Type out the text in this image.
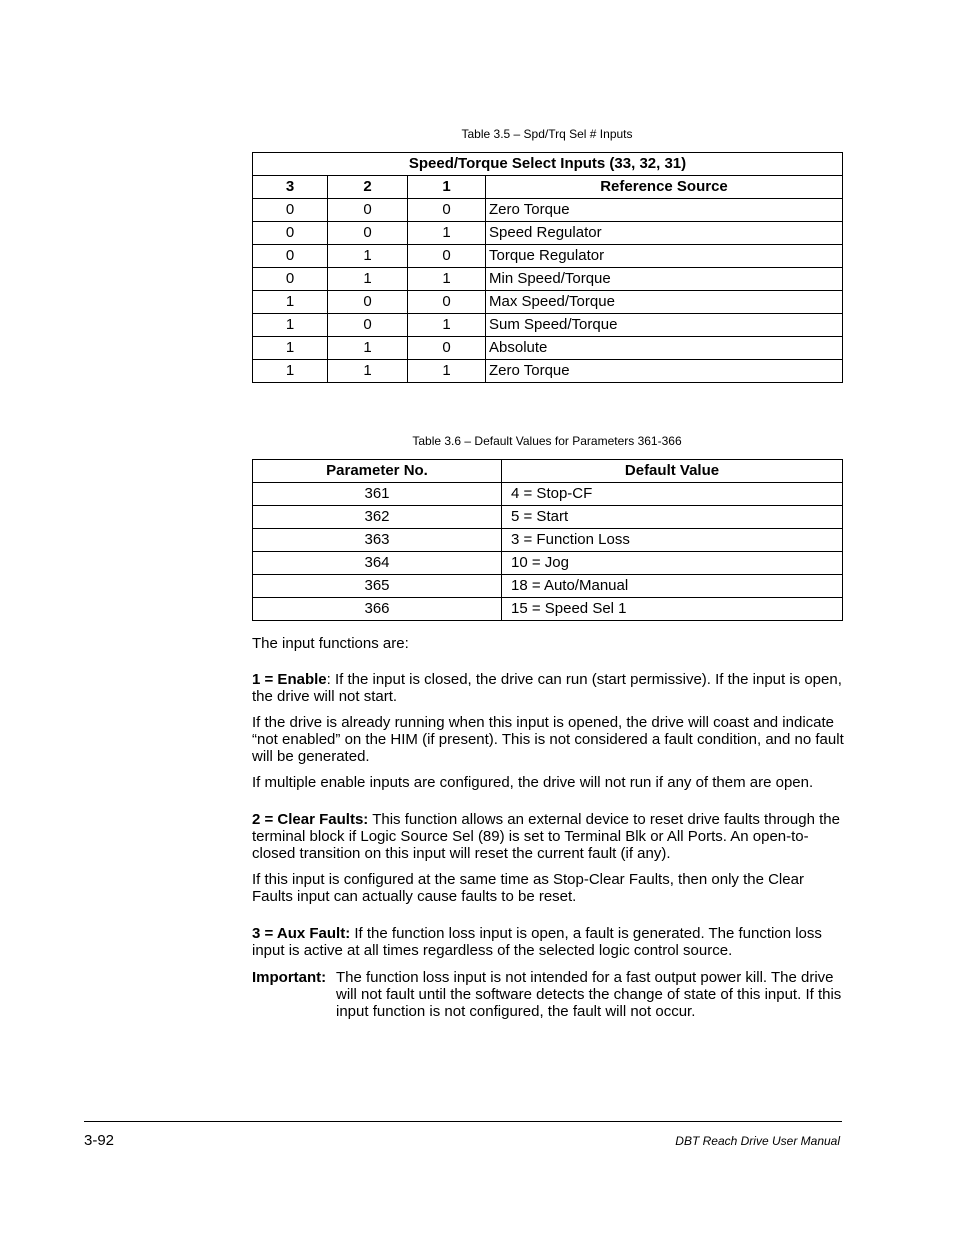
Table 3.5 – Spd/Trq Sel # Inputs
Speed/Torque Select Inputs (33, 32, 31)			
3	2	1	Reference Source
0	0	0	Zero Torque
0	0	1	Speed Regulator
0	1	0	Torque Regulator
0	1	1	Min Speed/Torque
1	0	0	Max Speed/Torque
1	0	1	Sum Speed/Torque
1	1	0	Absolute
1	1	1	Zero Torque
Table 3.6 – Default Values for Parameters 361-366
Parameter No.	Default Value
361	4 = Stop-CF
362	5 = Start
363	3 = Function Loss
364	10 = Jog
365	18 = Auto/Manual
366	15 = Speed Sel 1

The input functions are:

1 = Enable: If the input is closed, the drive can run (start permissive). If the input is open, the drive will not start.

If the drive is already running when this input is opened, the drive will coast and indicate “not enabled” on the HIM (if present). This is not considered a fault condition, and no fault will be generated.

If multiple enable inputs are configured, the drive will not run if any of them are open.

2 = Clear Faults: This function allows an external device to reset drive faults through the terminal block if Logic Source Sel (89) is set to Terminal Blk or All Ports. An open-to-closed transition on this input will reset the current fault (if any).

If this input is configured at the same time as Stop-Clear Faults, then only the Clear Faults input can actually cause faults to be reset.

3 = Aux Fault: If the function loss input is open, a fault is generated. The function loss input is active at all times regardless of the selected logic control source.

Important: The function loss input is not intended for a fast output power kill. The drive will not fault until the software detects the change of state of this input. If this input function is not configured, the fault will not occur.
3-92	DBT Reach Drive User Manual
